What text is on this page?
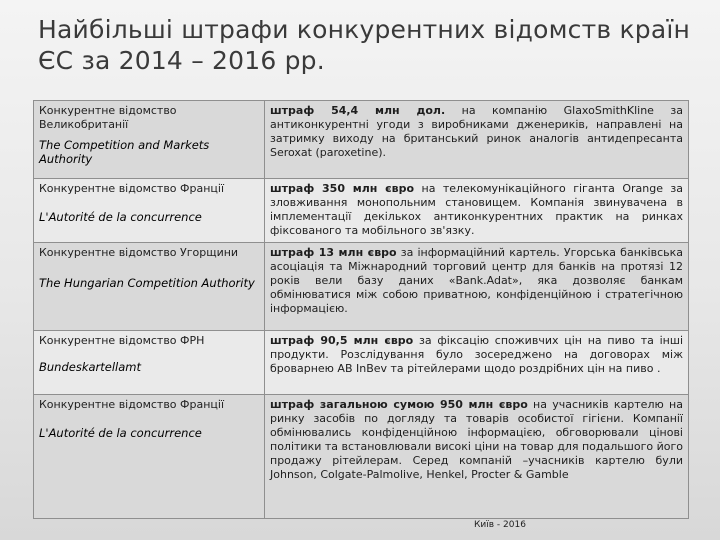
Найбільші штрафи конкурентних відомств країн ЄС за 2014 – 2016 рр.
Конкурентне відомство Великобританії
The Competition and Markets Authority	штраф 54,4 млн дол. на компанію GlaxoSmithKline за антиконкурентні угоди з виробниками дженериків, направлені на затримку виходу на британський ринок аналогів антидепресанта Seroxat (paroxetine).

Конкурентне відомство Франції
L'Autorité de la concurrence	штраф 350 млн євро на телекомунікаційного гіганта Orange за зловживання монопольним становищем. Компанія звинувачена в імплементації декількох антиконкурентних практик на ринках фіксованого та мобільного зв'язку.

Конкурентне відомство Угорщини
The Hungarian Competition Authority	штраф 13 млн євро за інформаційний картель. Угорська банківська асоціація та Міжнародний торговий центр для банків на протязі 12 років вели базу даних «Bank.Adat», яка дозволяє банкам обмінюватися між собою приватною, конфіденційною і стратегічною інформацією.

Конкурентне відомство ФРН
Bundeskartellamt	штраф 90,5 млн євро за фіксацію споживчих цін на пиво та інші продукти. Розслідування було зосереджено на договорах між броварнею AB InBev та рітейлерами щодо роздрібних цін на пиво .

Конкурентне відомство Франції
L'Autorité de la concurrence	штраф загальною сумою 950 млн євро на учасників картелю на ринку засобів по догляду та товарів особистої гігієни. Компанії обмінювались конфіденційною інформацією, обговорювали цінові політики та встановлювали високі ціни на товар для подальшого його продажу рітейлерам. Серед компаній –учасників картелю були Johnson, Colgate-Palmolive, Henkel, Procter & Gamble
Київ - 2016
